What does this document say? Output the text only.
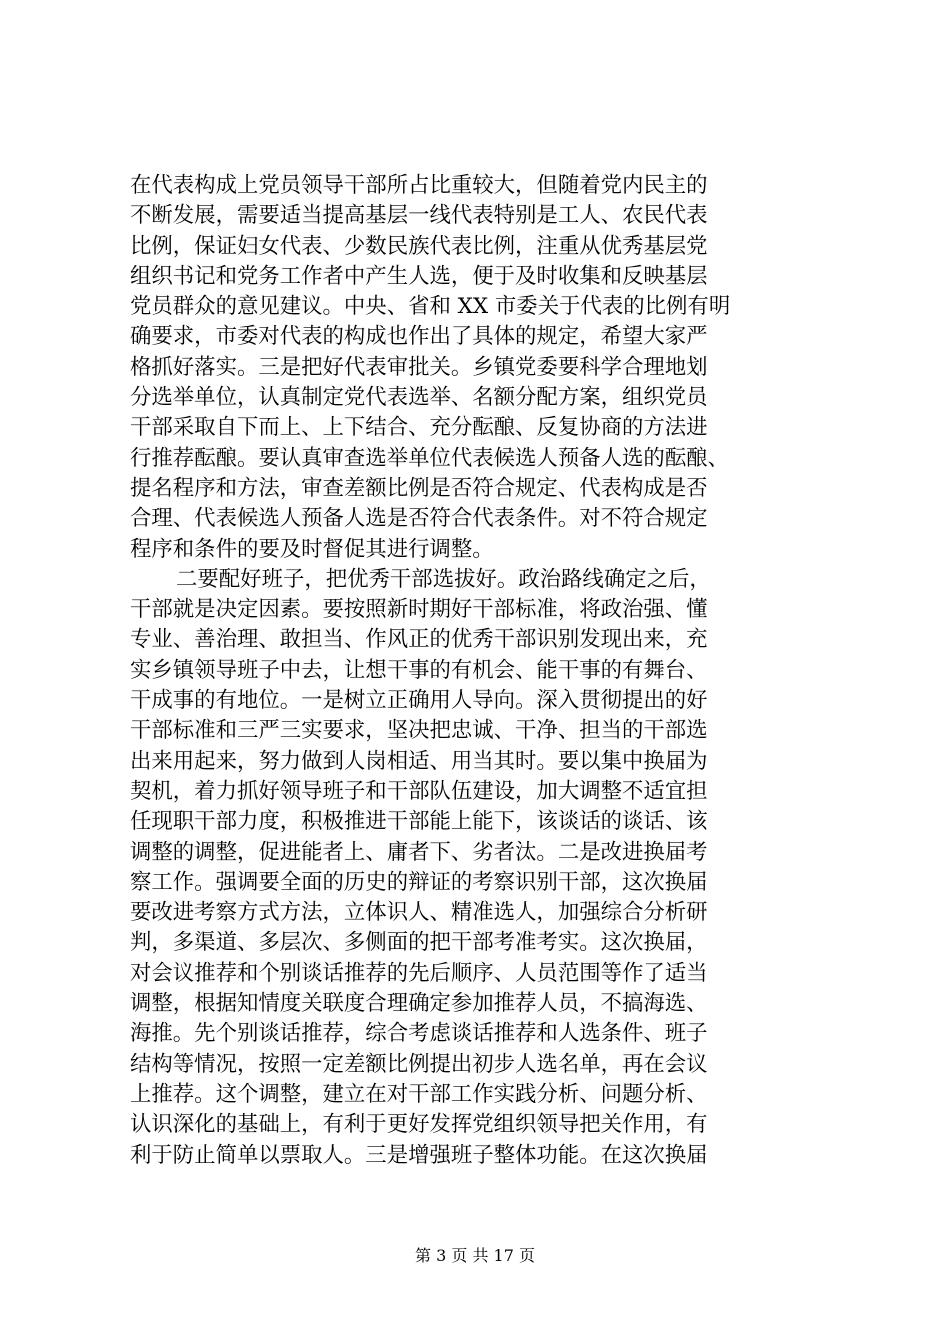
在代表构成上党员领导干部所占比重较大，但随着党内民主的
不断发展，需要适当提高基层一线代表特别是工人、农民代表
比例，保证妇女代表、少数民族代表比例，注重从优秀基层党
组织书记和党务工作者中产生人选，便于及时收集和反映基层
党员群众的意见建议。中央、省和 XX 市委关于代表的比例有明
确要求，市委对代表的构成也作出了具体的规定，希望大家严
格抓好落实。三是把好代表审批关。乡镇党委要科学合理地划
分选举单位，认真制定党代表选举、名额分配方案，组织党员
干部采取自下而上、上下结合、充分酝酿、反复协商的方法进
行推荐酝酿。要认真审查选举单位代表候选人预备人选的酝酿、
提名程序和方法，审查差额比例是否符合规定、代表构成是否
合理、代表候选人预备人选是否符合代表条件。对不符合规定
程序和条件的要及时督促其进行调整。
二要配好班子，把优秀干部选拔好。政治路线确定之后，
干部就是决定因素。要按照新时期好干部标准，将政治强、懂
专业、善治理、敢担当、作风正的优秀干部识别发现出来，充
实乡镇领导班子中去，让想干事的有机会、能干事的有舞台、
干成事的有地位。一是树立正确用人导向。深入贯彻提出的好
干部标准和三严三实要求，坚决把忠诚、干净、担当的干部选
出来用起来，努力做到人岗相适、用当其时。要以集中换届为
契机，着力抓好领导班子和干部队伍建设，加大调整不适宜担
任现职干部力度，积极推进干部能上能下，该谈话的谈话、该
调整的调整，促进能者上、庸者下、劣者汰。二是改进换届考
察工作。强调要全面的历史的辩证的考察识别干部，这次换届
要改进考察方式方法，立体识人、精准选人，加强综合分析研
判，多渠道、多层次、多侧面的把干部考准考实。这次换届，
对会议推荐和个别谈话推荐的先后顺序、人员范围等作了适当
调整，根据知情度关联度合理确定参加推荐人员，不搞海选、
海推。先个别谈话推荐，综合考虑谈话推荐和人选条件、班子
结构等情况，按照一定差额比例提出初步人选名单，再在会议
上推荐。这个调整，建立在对干部工作实践分析、问题分析、
认识深化的基础上，有利于更好发挥党组织领导把关作用，有
利于防止简单以票取人。三是增强班子整体功能。在这次换届
第 3 页 共 17 页
